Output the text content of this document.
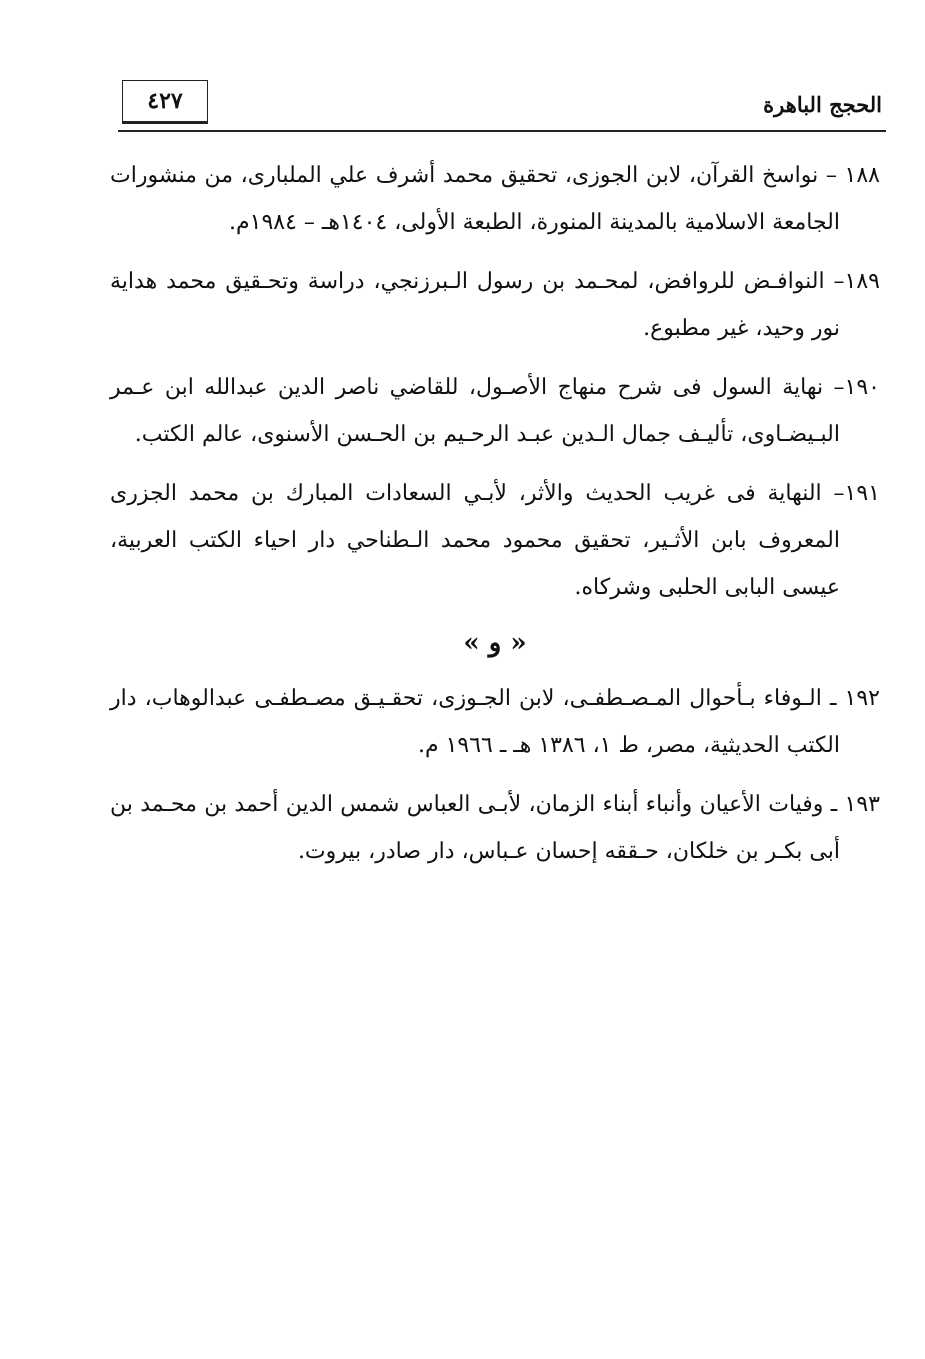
٤٢٧	الحجج الباهرة

١٨٨ – نواسخ القرآن، لابن الجوزى، تحقيق محمد أشرف علي الملبارى، من منشورات الجامعة الاسلامية بالمدينة المنورة، الطبعة الأولى، ١٤٠٤هـ – ١٩٨٤م.

١٨٩– النوافـض للروافض، لمحـمد بن رسول الـبرزنجي، دراسة وتحـقيق محمد هداية نور وحيد، غير مطبوع.

١٩٠– نهاية السول فى شرح منهاج الأصـول، للقاضي ناصر الدين عبدالله ابن عـمر البـيضـاوى، تأليـف جمال الـدين عبـد الرحـيم بن الحـسن الأسنوى، عالم الكتب.

١٩١– النهاية فى غريب الحديث والأثر، لأبـي السعادات المبارك بن محمد الجزرى المعروف بابن الأثـير، تحقيق محمود محمد الـطناحي دار احياء الكتب العربية، عيسى البابى الحلبى وشركاه.

« و »

١٩٢ ـ الـوفاء بـأحوال المـصـطفـى، لابن الجـوزى، تحقـيـق مصـطفـى عبدالوهاب، دار الكتب الحديثية، مصر، ط ١، ١٣٨٦ هـ ـ ١٩٦٦ م.

١٩٣ ـ وفيات الأعيان وأنباء أبناء الزمان، لأبـى العباس شمس الدين أحمد بن محـمد بن أبى بكـر بن خلكان، حـققه إحسان عـباس، دار صادر، بيروت.
